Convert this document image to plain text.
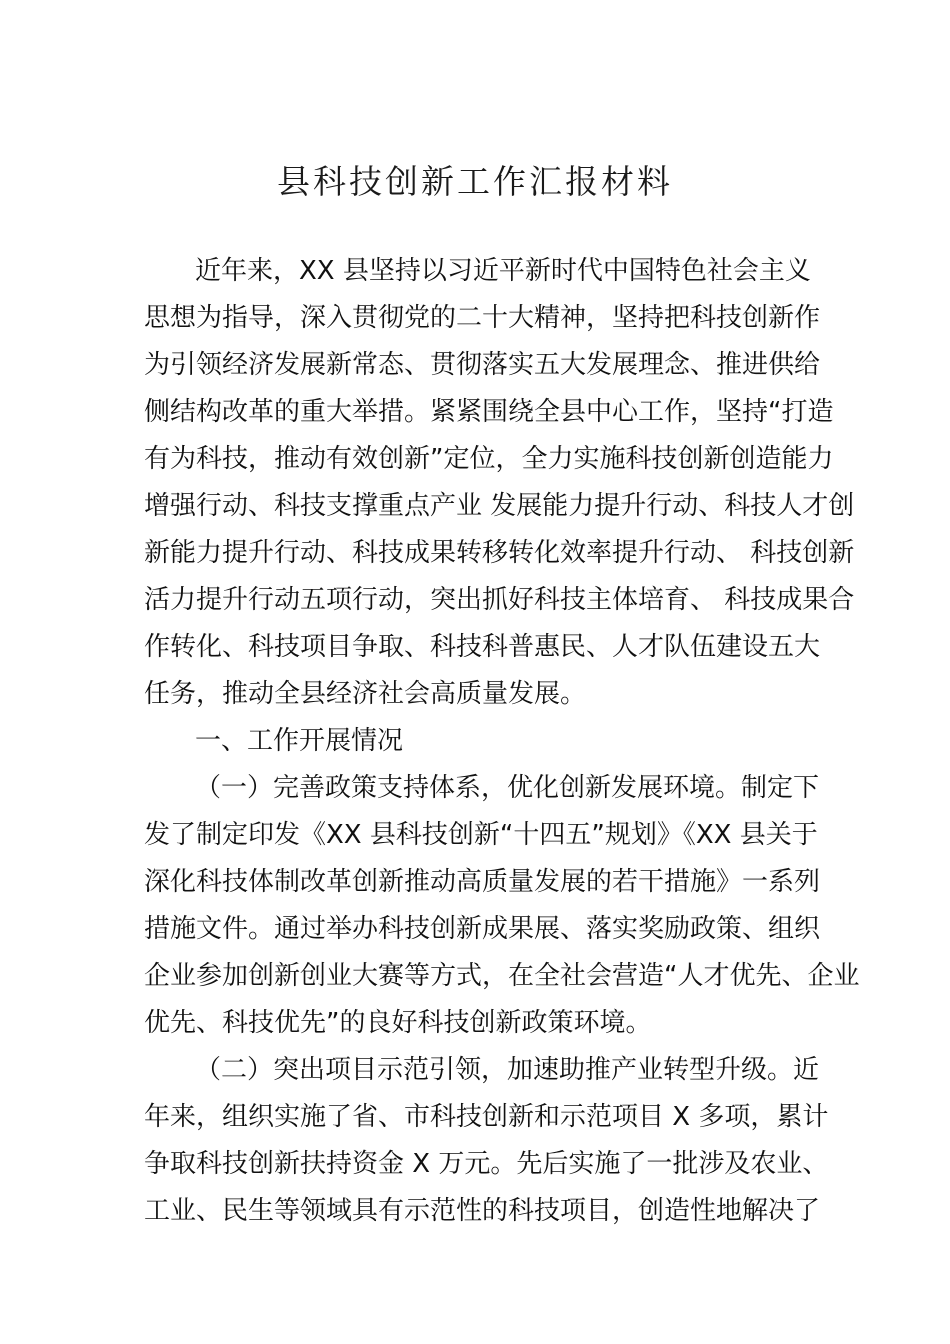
县科技创新工作汇报材料
近年来，XX 县坚持以习近平新时代中国特色社会主义
思想为指导，深入贯彻党的二十大精神，坚持把科技创新作
为引领经济发展新常态、贯彻落实五大发展理念、推进供给
侧结构改革的重大举措。紧紧围绕全县中心工作，坚持“打造
有为科技，推动有效创新”定位，全力实施科技创新创造能力
增强行动、科技支撑重点产业 发展能力提升行动、科技人才创
新能力提升行动、科技成果转移转化效率提升行动、 科技创新
活力提升行动五项行动，突出抓好科技主体培育、 科技成果合
作转化、科技项目争取、科技科普惠民、人才队伍建设五大
任务，推动全县经济社会高质量发展。
一、工作开展情况
（一）完善政策支持体系，优化创新发展环境。制定下
发了制定印发《XX 县科技创新“十四五”规划》《XX 县关于
深化科技体制改革创新推动高质量发展的若干措施》一系列
措施文件。通过举办科技创新成果展、落实奖励政策、组织
企业参加创新创业大赛等方式，在全社会营造“人才优先、企业
优先、科技优先”的良好科技创新政策环境。
（二）突出项目示范引领，加速助推产业转型升级。近
年来，组织实施了省、市科技创新和示范项目 X 多项，累计
争取科技创新扶持资金 X 万元。先后实施了一批涉及农业、
工业、民生等领域具有示范性的科技项目，创造性地解决了
